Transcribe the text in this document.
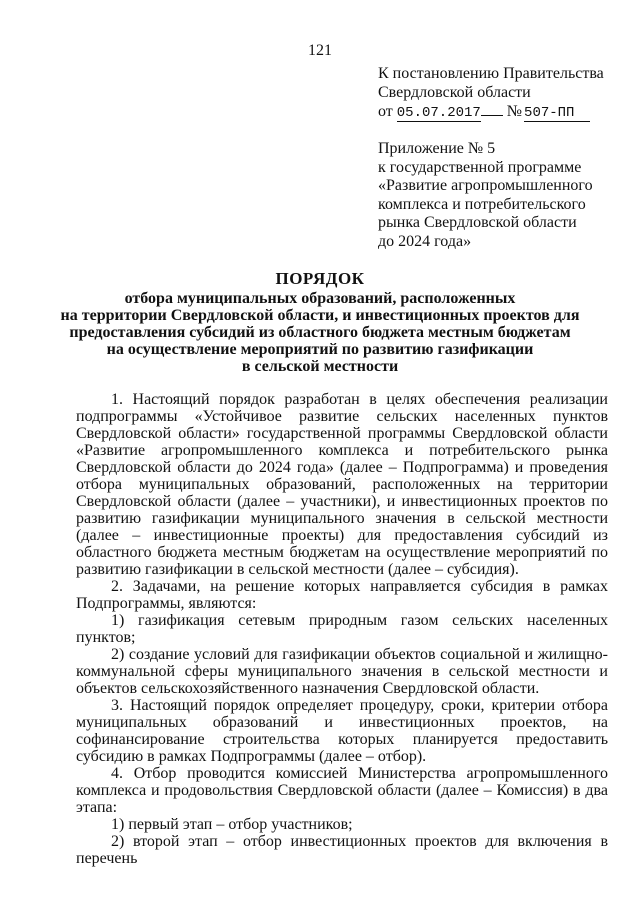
121
К постановлению Правительства
Свердловской области
от 05.07.2017 № 507-ПП
Приложение № 5
к государственной программе
«Развитие агропромышленного
комплекса и потребительского
рынка Свердловской области
до 2024 года»
ПОРЯДОК
отбора муниципальных образований, расположенных
на территории Свердловской области, и инвестиционных проектов для
предоставления субсидий из областного бюджета местным бюджетам
на осуществление мероприятий по развитию газификации
в сельской местности

1. Настоящий порядок разработан в целях обеспечения реализации подпрограммы «Устойчивое развитие сельских населенных пунктов Свердловской области» государственной программы Свердловской области «Развитие агропромышленного комплекса и потребительского рынка Свердловской области до 2024 года» (далее – Подпрограмма) и проведения отбора муниципальных образований, расположенных на территории Свердловской области (далее – участники), и инвестиционных проектов по развитию газификации муниципального значения в сельской местности (далее – инвестиционные проекты) для предоставления субсидий из областного бюджета местным бюджетам на осуществление мероприятий по развитию газификации в сельской местности (далее – субсидия).

2. Задачами, на решение которых направляется субсидия в рамках Подпрограммы, являются:

1) газификация сетевым природным газом сельских населенных пунктов;

2) создание условий для газификации объектов социальной и жилищно-коммунальной сферы муниципального значения в сельской местности и объектов сельскохозяйственного назначения Свердловской области.

3. Настоящий порядок определяет процедуру, сроки, критерии отбора муниципальных образований и инвестиционных проектов, на софинансирование строительства которых планируется предоставить субсидию в рамках Подпрограммы (далее – отбор).

4. Отбор проводится комиссией Министерства агропромышленного комплекса и продовольствия Свердловской области (далее – Комиссия) в два этапа:

1) первый этап – отбор участников;

2) второй этап – отбор инвестиционных проектов для включения в перечень
